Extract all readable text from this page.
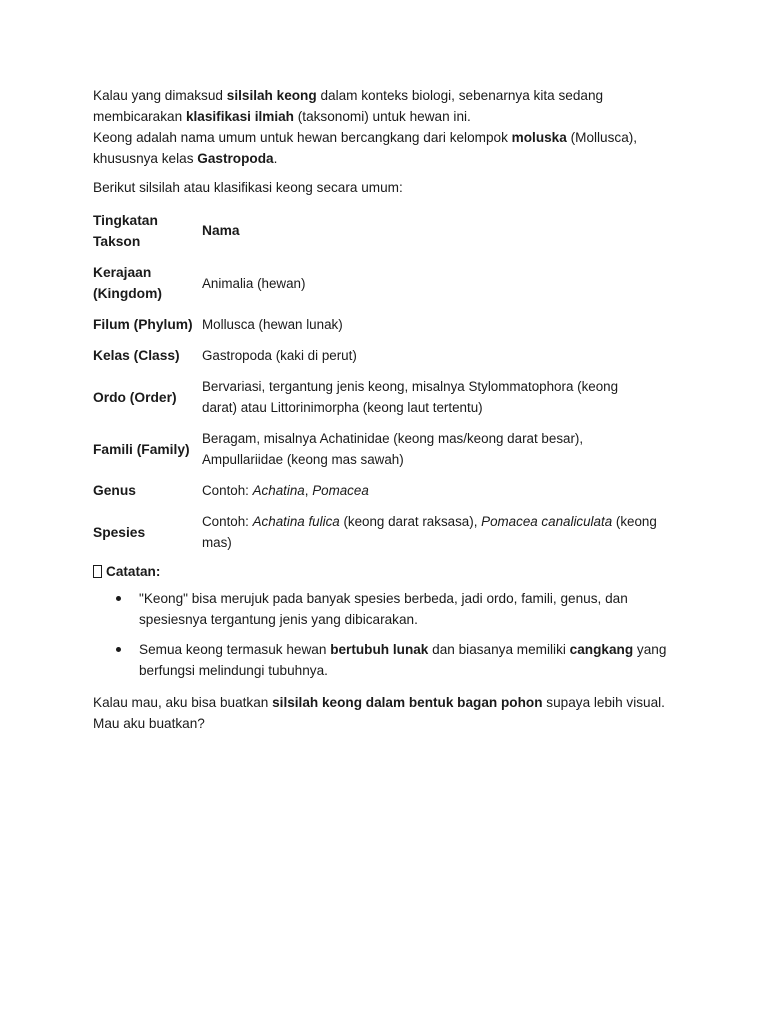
Kalau yang dimaksud silsilah keong dalam konteks biologi, sebenarnya kita sedang
membicarakan klasifikasi ilmiah (taksonomi) untuk hewan ini.
Keong adalah nama umum untuk hewan bercangkang dari kelompok moluska (Mollusca),
khususnya kelas Gastropoda.

Berikut silsilah atau klasifikasi keong secara umum:

Tingkatan
Takson	Nama
Kerajaan
(Kingdom)	Animalia (hewan)
Filum (Phylum)	Mollusca (hewan lunak)
Kelas (Class)	Gastropoda (kaki di perut)
Ordo (Order)	Bervariasi, tergantung jenis keong, misalnya Stylommatophora (keong
darat) atau Littorinimorpha (keong laut tertentu)
Famili (Family)	Beragam, misalnya Achatinidae (keong mas/keong darat besar),
Ampullariidae (keong mas sawah)
Genus	Contoh: Achatina, Pomacea
Spesies	Contoh: Achatina fulica (keong darat raksasa), Pomacea canaliculata (keong
mas)
Catatan:
"Keong" bisa merujuk pada banyak spesies berbeda, jadi ordo, famili, genus, dan
spesiesnya tergantung jenis yang dibicarakan.
Semua keong termasuk hewan bertubuh lunak dan biasanya memiliki cangkang yang
berfungsi melindungi tubuhnya.

Kalau mau, aku bisa buatkan silsilah keong dalam bentuk bagan pohon supaya lebih visual.
Mau aku buatkan?
